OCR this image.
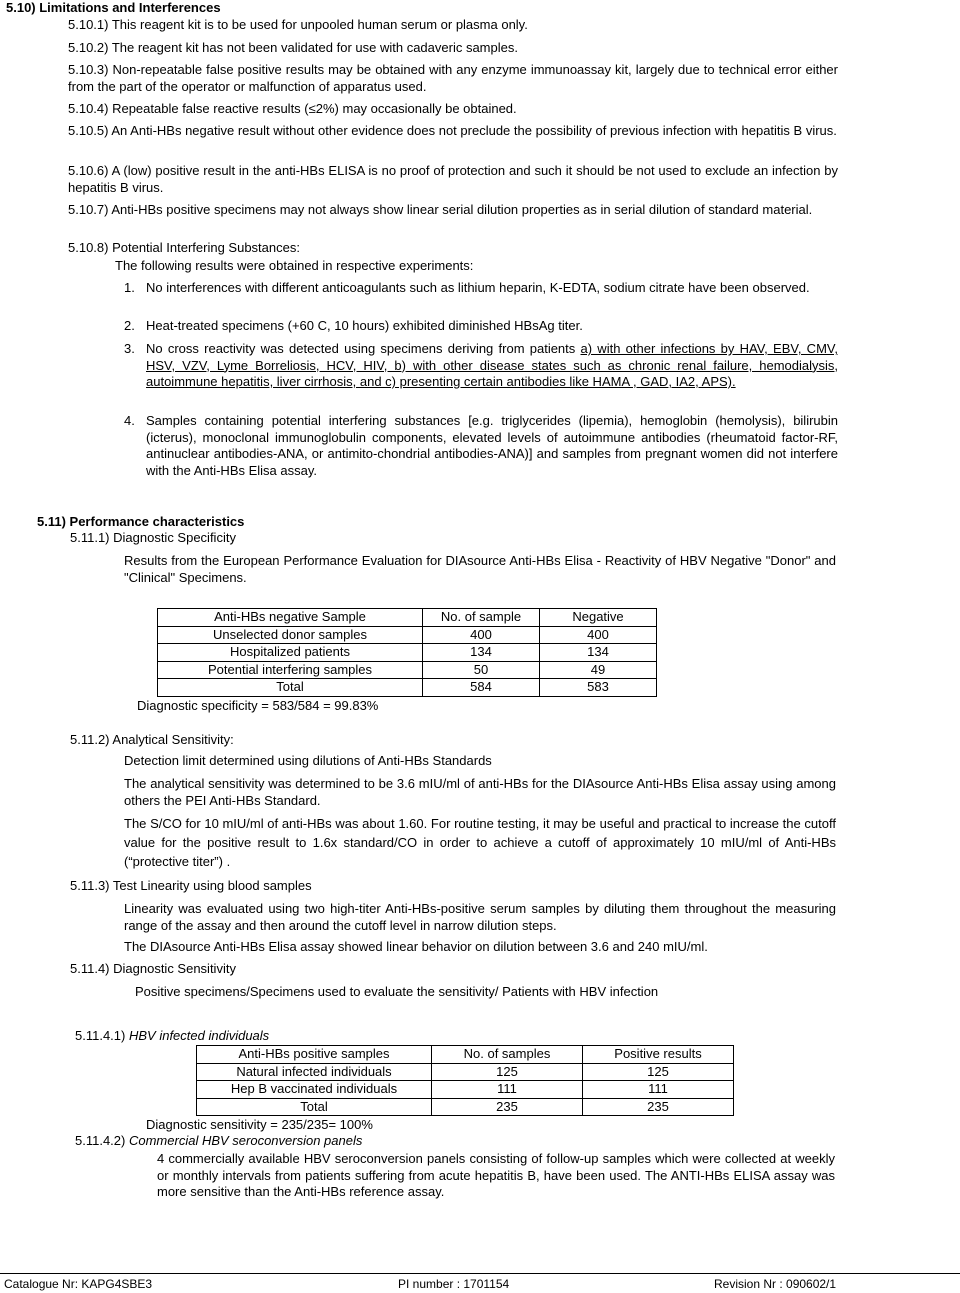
5.10) Limitations and Interferences
5.10.1) This reagent kit is to be used for unpooled human serum or plasma only.
5.10.2) The reagent kit has not been validated for use with cadaveric samples.
5.10.3) Non-repeatable false positive results may be obtained with any enzyme immunoassay kit, largely due to technical error either from the part of the operator or malfunction of apparatus used.
5.10.4) Repeatable false reactive results (≤2%) may occasionally be obtained.
5.10.5) An Anti-HBs negative result without other evidence does not preclude the possibility of previous infection with hepatitis B virus.
5.10.6) A (low) positive result in the anti-HBs ELISA is no proof of protection and such it should be not used to exclude an infection by hepatitis B virus.
5.10.7) Anti-HBs positive specimens may not always show linear serial dilution properties as in serial dilution of standard material.
5.10.8) Potential Interfering Substances:
The following results were obtained in respective experiments:
1. No interferences with different anticoagulants such as lithium heparin, K-EDTA, sodium citrate have been observed.
2. Heat-treated specimens (+60 C, 10 hours) exhibited diminished HBsAg titer.
3. No cross reactivity was detected using specimens deriving from patients a) with other infections by HAV, EBV, CMV, HSV, VZV, Lyme Borreliosis, HCV, HIV, b) with other disease states such as chronic renal failure, hemodialysis, autoimmune hepatitis, liver cirrhosis, and c) presenting certain antibodies like HAMA , GAD, IA2, APS).
4. Samples containing potential interfering substances [e.g. triglycerides (lipemia), hemoglobin (hemolysis), bilirubin (icterus), monoclonal immunoglobulin components, elevated levels of autoimmune antibodies (rheumatoid factor-RF, antinuclear antibodies-ANA, or antimito-chondrial antibodies-ANA)] and samples from pregnant women did not interfere with the Anti-HBs Elisa assay.
5.11) Performance characteristics
5.11.1) Diagnostic Specificity
Results from the European Performance Evaluation for DIAsource Anti-HBs Elisa - Reactivity of HBV Negative "Donor" and "Clinical" Specimens.
Anti-HBs negative Sample	No. of sample	Negative
Unselected donor samples	400	400
Hospitalized patients	134	134
Potential interfering samples	50	49
Total	584	583
Diagnostic specificity = 583/584 = 99.83%
5.11.2) Analytical Sensitivity:
Detection limit determined using dilutions of Anti-HBs Standards
The analytical sensitivity was determined to be 3.6 mIU/ml of anti-HBs for the DIAsource Anti-HBs Elisa assay using among others the PEI Anti-HBs Standard.
The S/CO for 10 mIU/ml of anti-HBs was about 1.60. For routine testing, it may be useful and practical to increase the cutoff value for the positive result to 1.6x standard/CO in order to achieve a cutoff of approximately 10 mIU/ml of Anti-HBs (“protective titer”) .
5.11.3) Test Linearity using blood samples
Linearity was evaluated using two high-titer Anti-HBs-positive serum samples by diluting them throughout the measuring range of the assay and then around the cutoff level in narrow dilution steps.
The DIAsource Anti-HBs Elisa assay showed linear behavior on dilution between 3.6 and 240 mIU/ml.
5.11.4) Diagnostic Sensitivity
Positive specimens/Specimens used to evaluate the sensitivity/ Patients with HBV infection
5.11.4.1) HBV infected individuals
Anti-HBs positive samples	No. of samples	Positive results
Natural infected individuals	125	125
Hep B vaccinated individuals	111	111
Total	235	235
Diagnostic sensitivity = 235/235= 100%
5.11.4.2) Commercial HBV seroconversion panels
4 commercially available HBV seroconversion panels consisting of follow-up samples which were collected at weekly or monthly intervals from patients suffering from acute hepatitis B, have been used. The ANTI-HBs ELISA assay was more sensitive than the Anti-HBs reference assay.
Catalogue Nr: KAPG4SBE3	PI number : 1701154	Revision Nr : 090602/1
